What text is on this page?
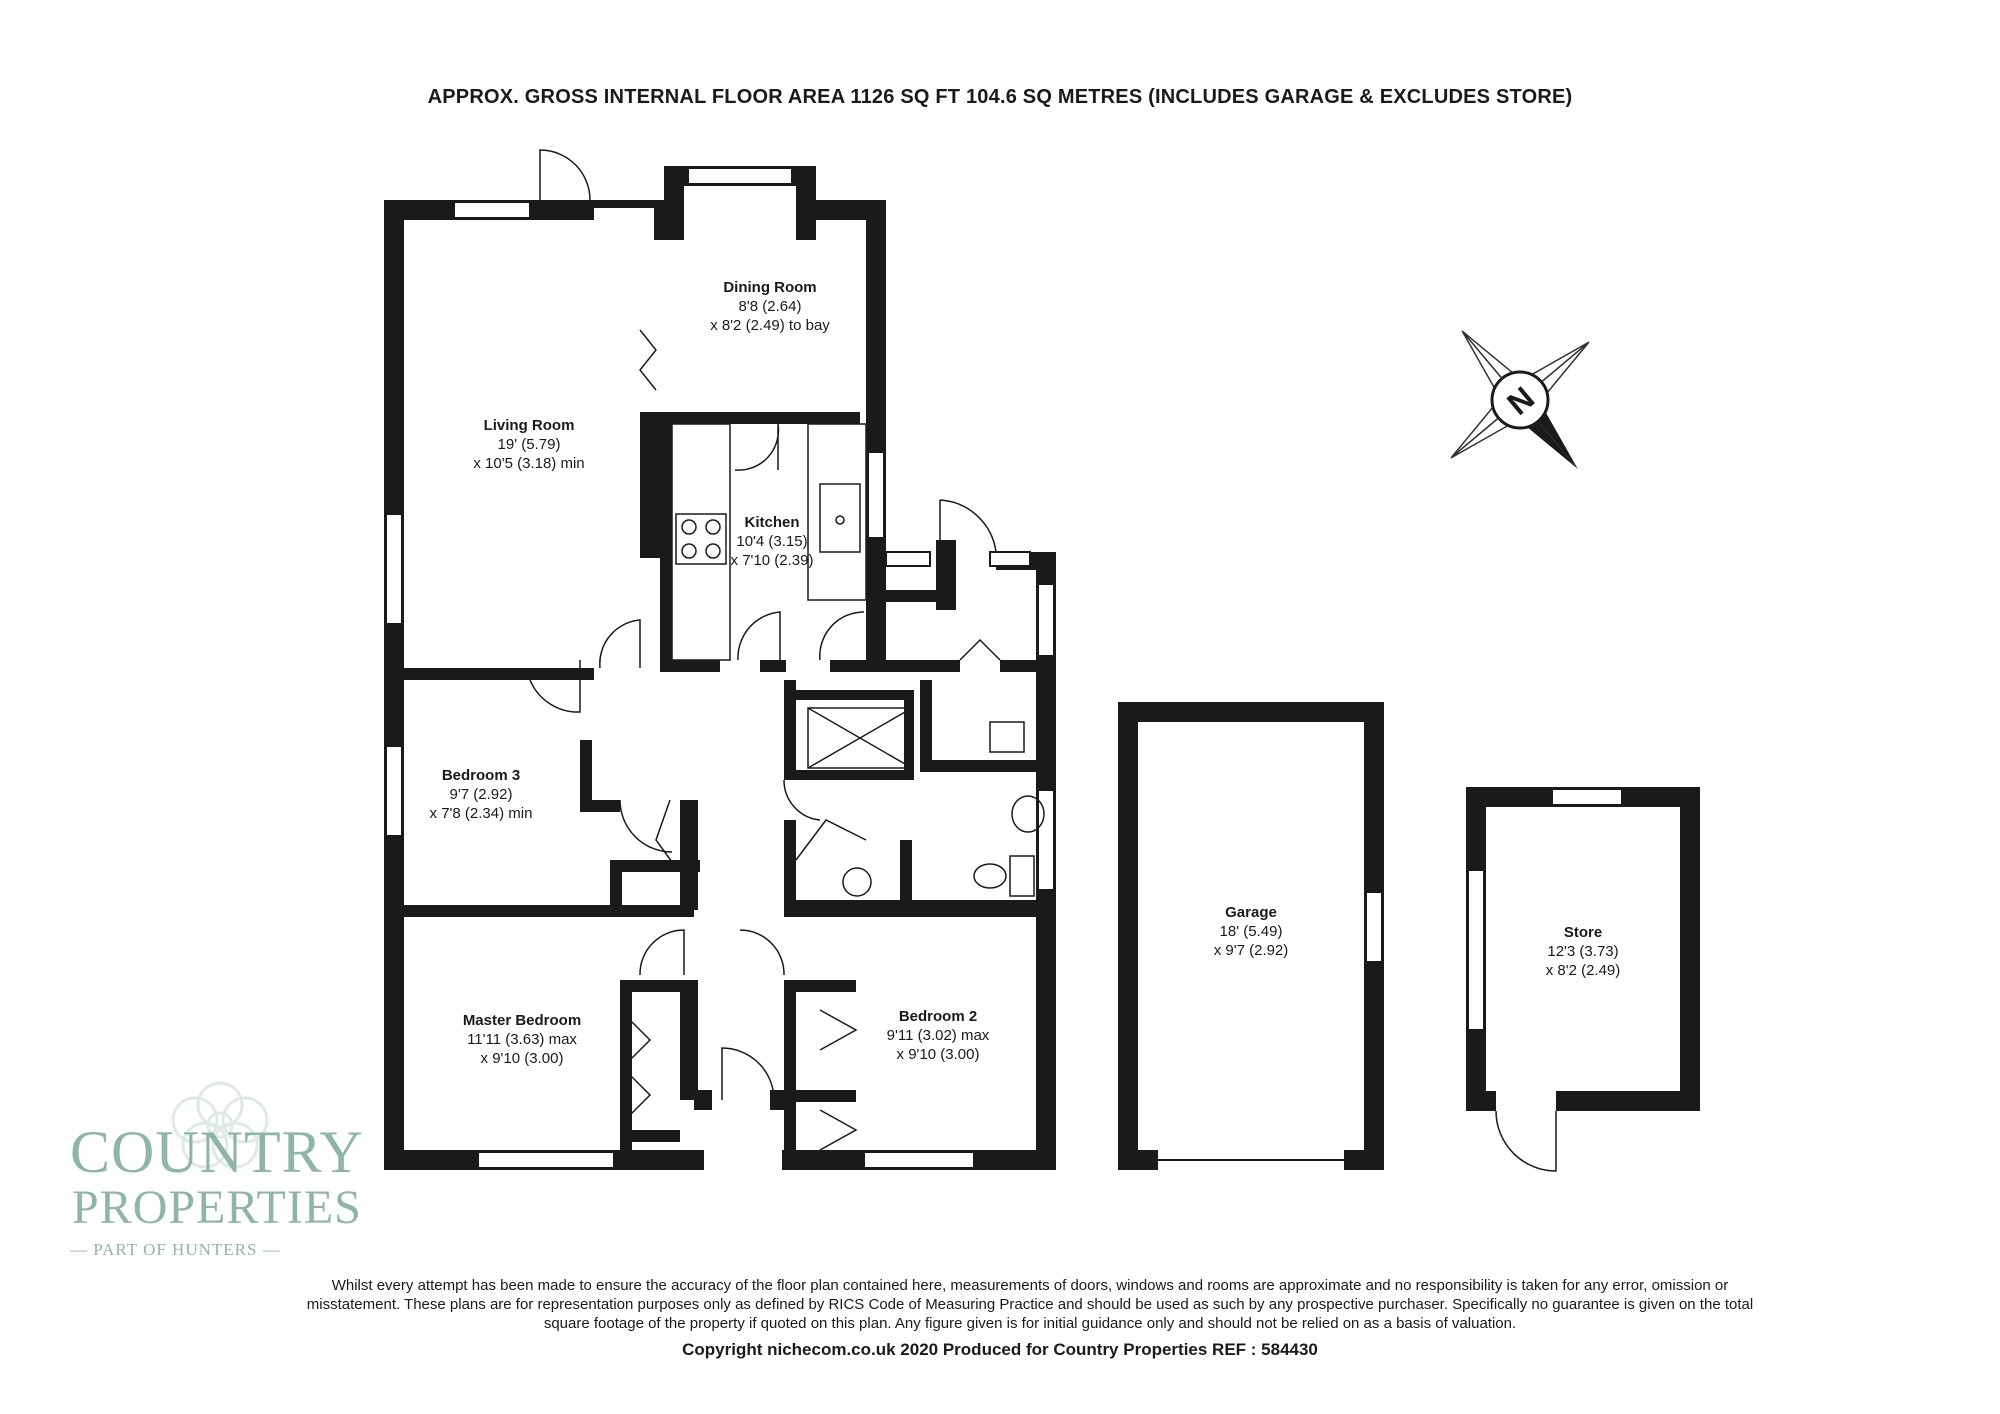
APPROX. GROSS INTERNAL FLOOR AREA 1126 SQ FT 104.6 SQ METRES (INCLUDES GARAGE & EXCLUDES STORE)
N
Dining Room
8'8 (2.64)
x 8'2 (2.49) to bay
Living Room
19' (5.79)
x 10'5 (3.18) min
Kitchen
10'4 (3.15)
x 7'10 (2.39)
Bedroom 3
9'7 (2.92)
x 7'8 (2.34) min
Master Bedroom
11'11 (3.63) max
x 9'10 (3.00)
Bedroom 2
9'11 (3.02) max
x 9'10 (3.00)
Garage
18' (5.49)
x 9'7 (2.92)
Store
12'3 (3.73)
x 8'2 (2.49)
COUNTRY
PROPERTIES
— PART OF HUNTERS —
Whilst every attempt has been made to ensure the accuracy of the floor plan contained here, measurements of doors, windows and rooms are approximate and no responsibility is taken for any error, omission or misstatement. These plans are for representation purposes only as defined by RICS Code of Measuring Practice and should be used as such by any prospective purchaser. Specifically no guarantee is given on the total square footage of the property if quoted on this plan. Any figure given is for initial guidance only and should not be relied on as a basis of valuation.
Copyright nichecom.co.uk 2020 Produced for Country Properties REF : 584430
